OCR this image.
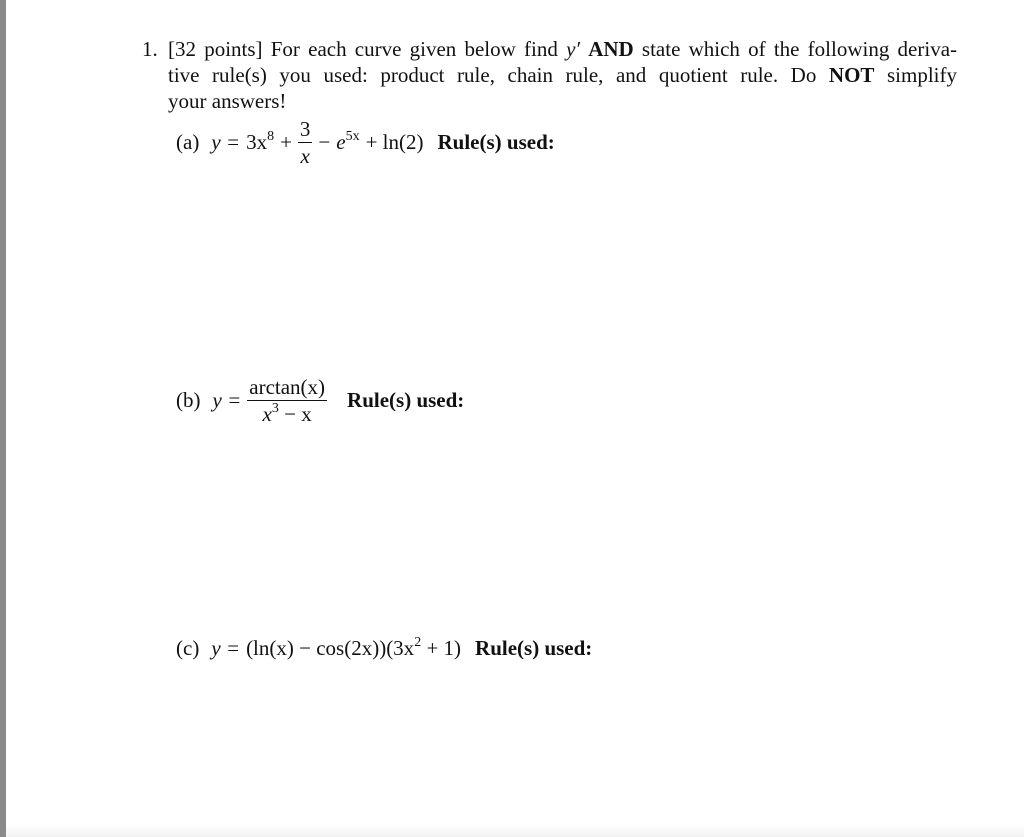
1. [32 points] For each curve given below find y′ AND state which of the following deriva-
tive rule(s) you used: product rule, chain rule, and quotient rule. Do NOT simplify
your answers!
(a) $y = 3x^8 + \frac{3}{x} - e^{5x} + \ln(2)$ Rule(s) used:
(b) $y = \frac{\arctan(x)}{x^3 - x}$ Rule(s) used:
(c) $y = (\ln(x) - \cos(2x))(3x^2 + 1)$ Rule(s) used:
